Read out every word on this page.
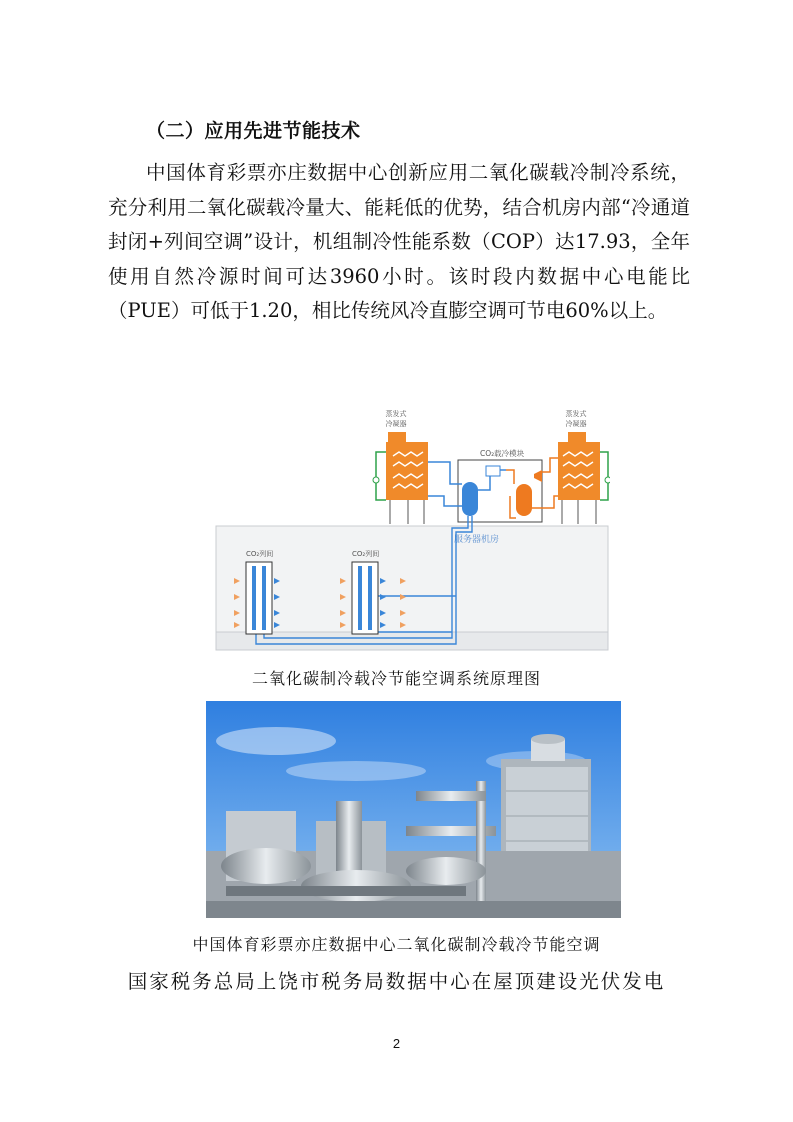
（二）应用先进节能技术
中国体育彩票亦庄数据中心创新应用二氧化碳载冷制冷系统，充分利用二氧化碳载冷量大、能耗低的优势，结合机房内部“冷通道封闭+列间空调”设计，机组制冷性能系数（COP）达17.93，全年使用自然冷源时间可达3960小时。该时段内数据中心电能比（PUE）可低于1.20，相比传统风冷直膨空调可节电60%以上。
服务器机房
蒸发式
冷凝器
蒸发式
冷凝器
CO₂载冷模块
CO₂列间	CO₂列间
二氧化碳制冷载冷节能空调系统原理图
中国体育彩票亦庄数据中心二氧化碳制冷载冷节能空调
国家税务总局上饶市税务局数据中心在屋顶建设光伏发电
2
